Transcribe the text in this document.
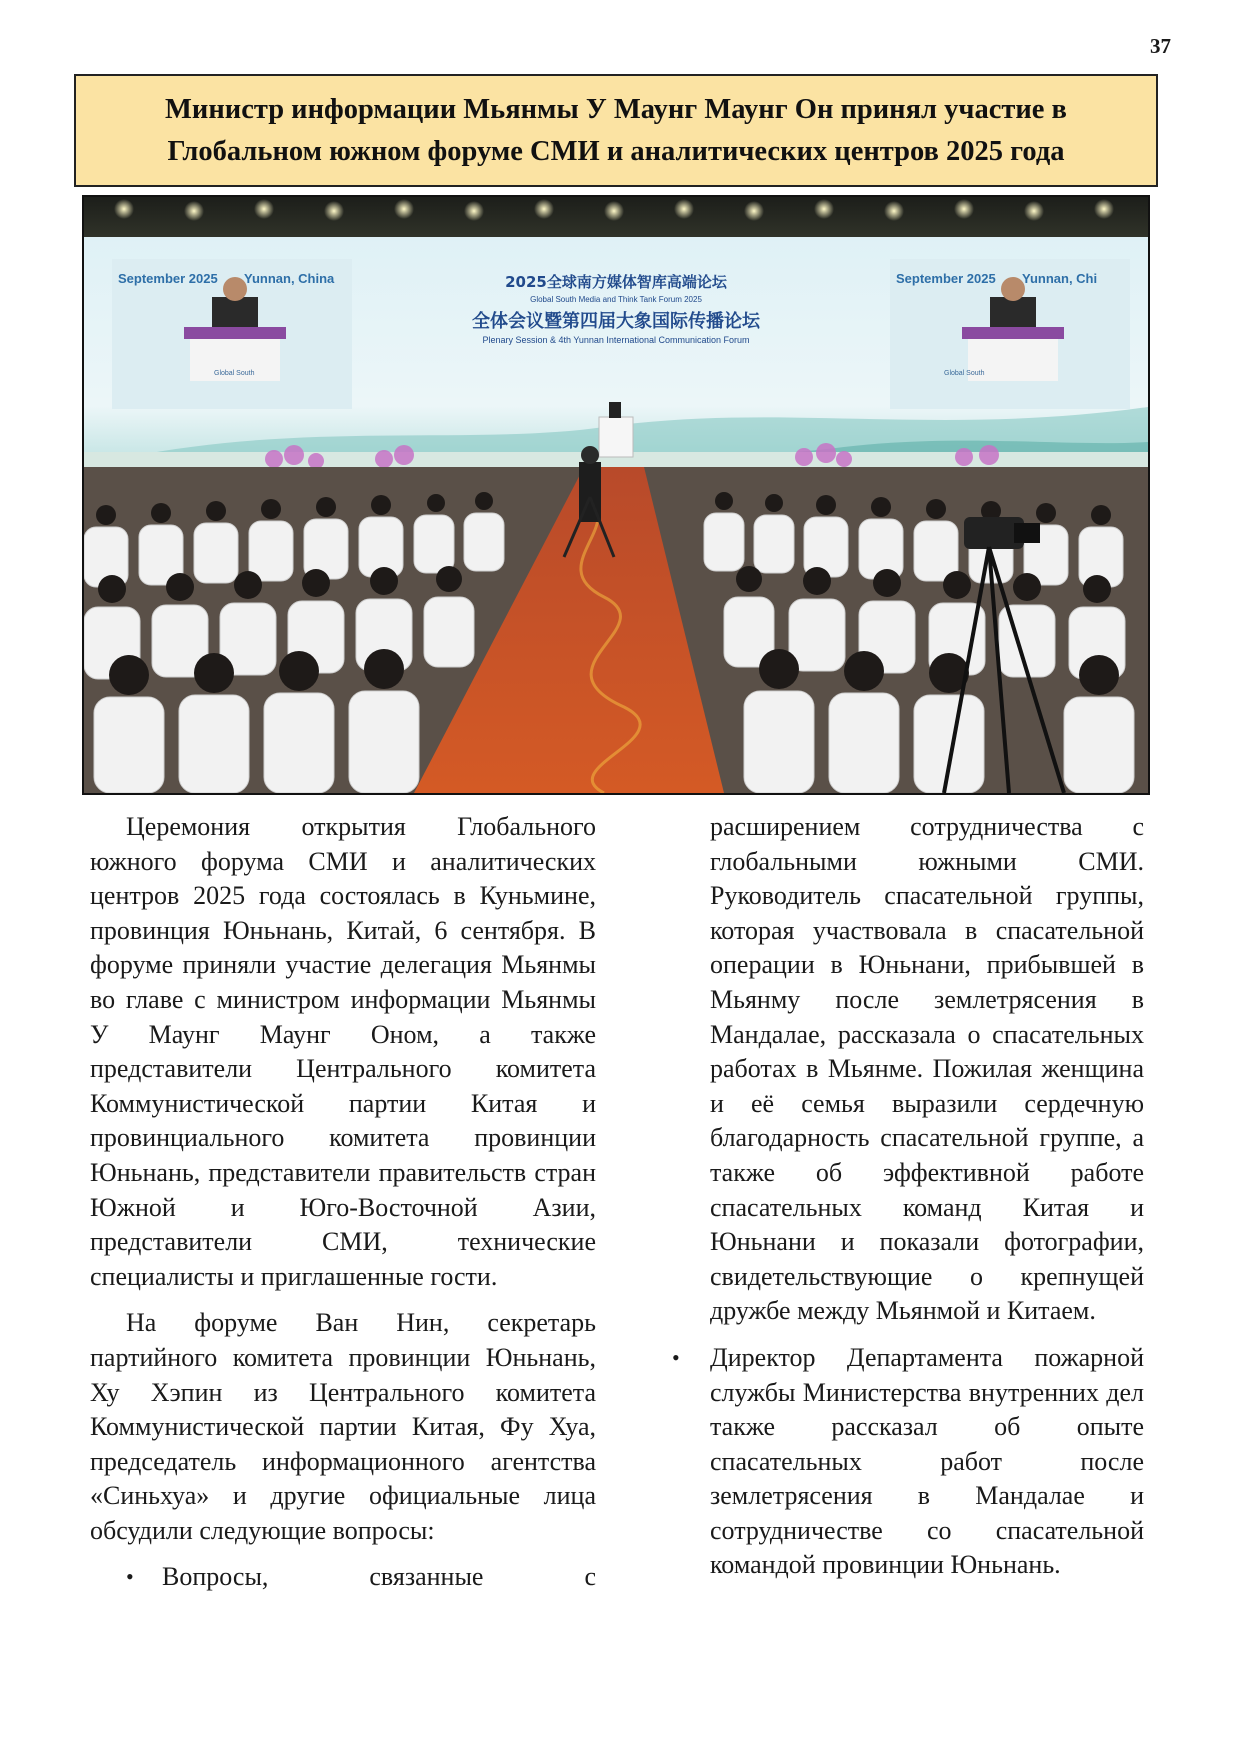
37
Министр информации Мьянмы У Маунг Маунг Он принял участие в Глобальном южном форуме СМИ и аналитических центров 2025 года
September 2025 Yunnan, China	September 2025 Yunnan, Chi
2025全球南方媒体智库高端论坛
Global South Media and Think Tank Forum 2025
全体会议暨第四届大象国际传播论坛
Plenary Session & 4th Yunnan International Communication Forum
Global South	Global South

Церемония открытия Глобального южного форума СМИ и аналитических центров 2025 года состоялась в Куньмине, провинция Юньнань, Китай, 6 сентября. В форуме приняли участие делегация Мьянмы во главе с министром информации Мьянмы У Маунг Маунг Оном, а также представители Центрального комитета Коммунистической партии Китая и провинциального комитета провинции Юньнань, представители правительств стран Южной и Юго-Восточной Азии, представители СМИ, технические специалисты и приглашенные гости.

На форуме Ван Нин, секретарь партийного комитета провинции Юньнань, Ху Хэпин из Центрального комитета Коммунистической партии Китая, Фу Хуа, председатель информационного агентства «Синьхуа» и другие официальные лица обсудили следующие вопросы:

• Вопросы, связанные с

расширением сотрудничества с глобальными южными СМИ. Руководитель спасательной группы, которая участвовала в спасательной операции в Юньнани, прибывшей в Мьянму после землетрясения в Мандалае, рассказала о спасательных работах в Мьянме. Пожилая женщина и её семья выразили сердечную благодарность спасательной группе, а также об эффективной работе спасательных команд Китая и Юньнани и показали фотографии, свидетельствующие о крепнущей дружбе между Мьянмой и Китаем.

• Директор Департамента пожарной службы Министерства внутренних дел также рассказал об опыте спасательных работ после землетрясения в Мандалае и сотрудничестве со спасательной командой провинции Юньнань.
